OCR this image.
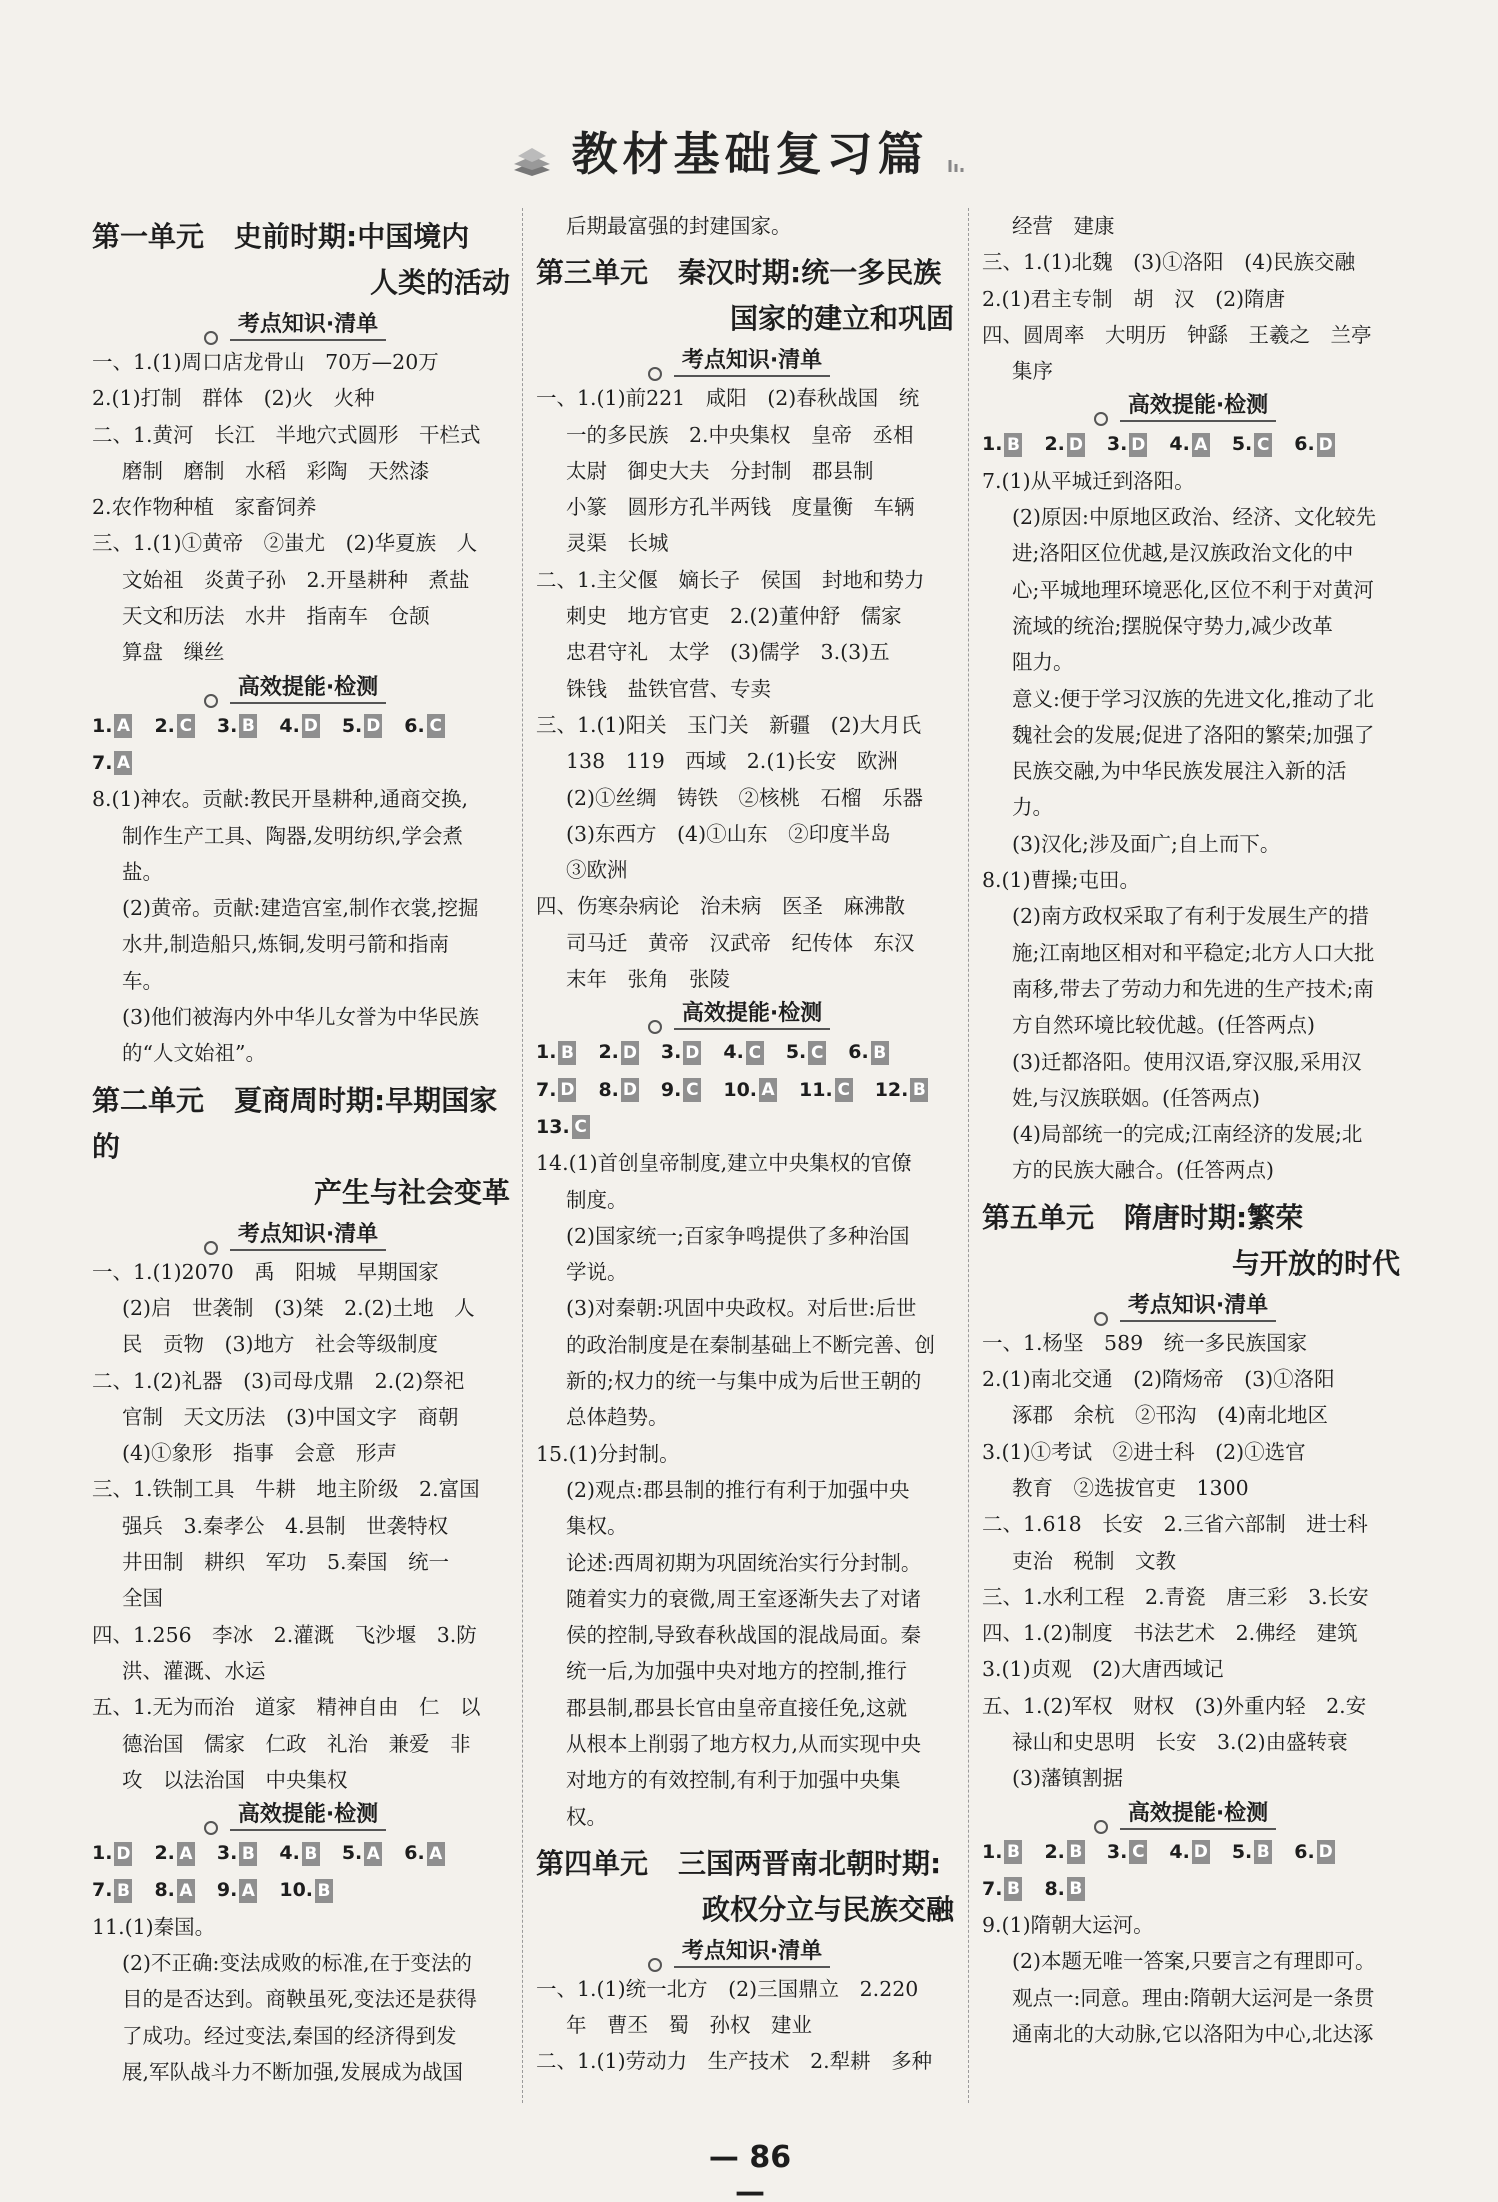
教材基础复习篇
第一单元 史前时期:中国境内
人类的活动
考点知识·清单
一、1.(1)周口店龙骨山　70万—20万
2.(1)打制　群体　(2)火　火种
二、1.黄河　长江　半地穴式圆形　干栏式
磨制　磨制　水稻　彩陶　天然漆
2.农作物种植　家畜饲养
三、1.(1)①黄帝　②蚩尤　(2)华夏族　人
文始祖　炎黄子孙　2.开垦耕种　煮盐
天文和历法　水井　指南车　仓颉
算盘　缫丝
高效提能·检测
1. A 2. C 3. B 4. D 5. D 6. C
7. A
8.(1)神农。贡献:教民开垦耕种,通商交换,
制作生产工具、陶器,发明纺织,学会煮
盐。
(2)黄帝。贡献:建造宫室,制作衣裳,挖掘
水井,制造船只,炼铜,发明弓箭和指南
车。
(3)他们被海内外中华儿女誉为中华民族
的“人文始祖”。
第二单元 夏商周时期:早期国家的
产生与社会变革
考点知识·清单
一、1.(1)2070　禹　阳城　早期国家
(2)启　世袭制　(3)桀　2.(2)土地　人
民　贡物　(3)地方　社会等级制度
二、1.(2)礼器　(3)司母戊鼎　2.(2)祭祀
官制　天文历法　(3)中国文字　商朝
(4)①象形　指事　会意　形声
三、1.铁制工具　牛耕　地主阶级　2.富国
强兵　3.秦孝公　4.县制　世袭特权
井田制　耕织　军功　5.秦国　统一
全国
四、1.256　李冰　2.灌溉　飞沙堰　3.防
洪、灌溉、水运
五、1.无为而治　道家　精神自由　仁　以
德治国　儒家　仁政　礼治　兼爱　非
攻　以法治国　中央集权
高效提能·检测
1. D 2. A 3. B 4. B 5. A 6. A
7. B 8. A 9. A 10. B
11.(1)秦国。
(2)不正确:变法成败的标准,在于变法的
目的是否达到。商鞅虽死,变法还是获得
了成功。经过变法,秦国的经济得到发
展,军队战斗力不断加强,发展成为战国
后期最富强的封建国家。
第三单元 秦汉时期:统一多民族
国家的建立和巩固
考点知识·清单
一、1.(1)前221　咸阳　(2)春秋战国　统
一的多民族　2.中央集权　皇帝　丞相
太尉　御史大夫　分封制　郡县制
小篆　圆形方孔半两钱　度量衡　车辆
灵渠　长城
二、1.主父偃　嫡长子　侯国　封地和势力
刺史　地方官吏　2.(2)董仲舒　儒家
忠君守礼　太学　(3)儒学　3.(3)五
铢钱　盐铁官营、专卖
三、1.(1)阳关　玉门关　新疆　(2)大月氏
138　119　西域　2.(1)长安　欧洲
(2)①丝绸　铸铁　②核桃　石榴　乐器
(3)东西方　(4)①山东　②印度半岛
③欧洲
四、伤寒杂病论　治未病　医圣　麻沸散
司马迁　黄帝　汉武帝　纪传体　东汉
末年　张角　张陵
高效提能·检测
1. B 2. D 3. D 4. C 5. C 6. B
7. D 8. D 9. C 10. A 11. C 12. B
13. C
14.(1)首创皇帝制度,建立中央集权的官僚
制度。
(2)国家统一;百家争鸣提供了多种治国
学说。
(3)对秦朝:巩固中央政权。对后世:后世
的政治制度是在秦制基础上不断完善、创
新的;权力的统一与集中成为后世王朝的
总体趋势。
15.(1)分封制。
(2)观点:郡县制的推行有利于加强中央
集权。
论述:西周初期为巩固统治实行分封制。
随着实力的衰微,周王室逐渐失去了对诸
侯的控制,导致春秋战国的混战局面。秦
统一后,为加强中央对地方的控制,推行
郡县制,郡县长官由皇帝直接任免,这就
从根本上削弱了地方权力,从而实现中央
对地方的有效控制,有利于加强中央集
权。
第四单元 三国两晋南北朝时期:
政权分立与民族交融
考点知识·清单
一、1.(1)统一北方　(2)三国鼎立　2.220
年　曹丕　蜀　孙权　建业
二、1.(1)劳动力　生产技术　2.犁耕　多种
经营　建康
三、1.(1)北魏　(3)①洛阳　(4)民族交融
2.(1)君主专制　胡　汉　(2)隋唐
四、圆周率　大明历　钟繇　王羲之　兰亭
集序
高效提能·检测
1. B 2. D 3. D 4. A 5. C 6. D
7.(1)从平城迁到洛阳。
(2)原因:中原地区政治、经济、文化较先
进;洛阳区位优越,是汉族政治文化的中
心;平城地理环境恶化,区位不利于对黄河
流域的统治;摆脱保守势力,减少改革
阻力。
意义:便于学习汉族的先进文化,推动了北
魏社会的发展;促进了洛阳的繁荣;加强了
民族交融,为中华民族发展注入新的活
力。
(3)汉化;涉及面广;自上而下。
8.(1)曹操;屯田。
(2)南方政权采取了有利于发展生产的措
施;江南地区相对和平稳定;北方人口大批
南移,带去了劳动力和先进的生产技术;南
方自然环境比较优越。(任答两点)
(3)迁都洛阳。使用汉语,穿汉服,采用汉
姓,与汉族联姻。(任答两点)
(4)局部统一的完成;江南经济的发展;北
方的民族大融合。(任答两点)
第五单元 隋唐时期:繁荣
与开放的时代
考点知识·清单
一、1.杨坚　589　统一多民族国家
2.(1)南北交通　(2)隋炀帝　(3)①洛阳
涿郡　余杭　②邗沟　(4)南北地区
3.(1)①考试　②进士科　(2)①选官
教育　②选拔官吏　1300
二、1.618　长安　2.三省六部制　进士科
吏治　税制　文教
三、1.水利工程　2.青瓷　唐三彩　3.长安
四、1.(2)制度　书法艺术　2.佛经　建筑
3.(1)贞观　(2)大唐西域记
五、1.(2)军权　财权　(3)外重内轻　2.安
禄山和史思明　长安　3.(2)由盛转衰
(3)藩镇割据
高效提能·检测
1. B 2. B 3. C 4. D 5. B 6. D
7. B 8. B
9.(1)隋朝大运河。
(2)本题无唯一答案,只要言之有理即可。
观点一:同意。理由:隋朝大运河是一条贯
通南北的大动脉,它以洛阳为中心,北达涿
— 86 —
